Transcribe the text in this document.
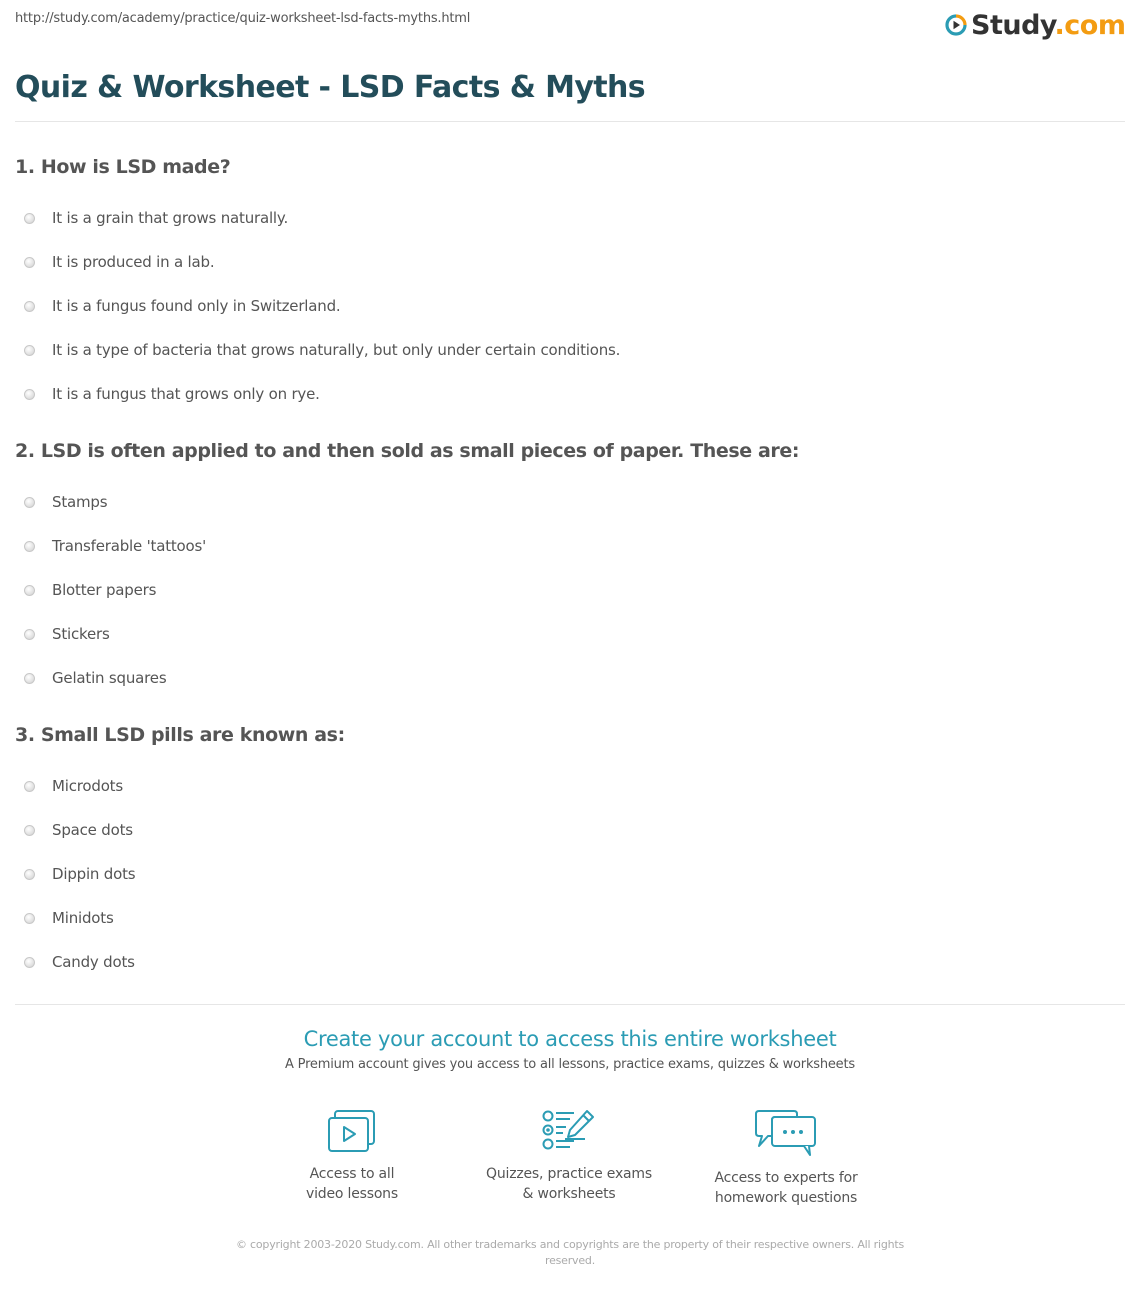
http://study.com/academy/practice/quiz-worksheet-lsd-facts-myths.html	Study.com
Quiz & Worksheet - LSD Facts & Myths
1. How is LSD made?
It is a grain that grows naturally.
It is produced in a lab.
It is a fungus found only in Switzerland.
It is a type of bacteria that grows naturally, but only under certain conditions.
It is a fungus that grows only on rye.
2. LSD is often applied to and then sold as small pieces of paper. These are:
Stamps
Transferable 'tattoos'
Blotter papers
Stickers
Gelatin squares
3. Small LSD pills are known as:
Microdots
Space dots
Dippin dots
Minidots
Candy dots
Create your account to access this entire worksheet
A Premium account gives you access to all lessons, practice exams, quizzes & worksheets
Access to all
video lessons
Quizzes, practice exams
& worksheets
Access to experts for
homework questions
© copyright 2003-2020 Study.com. All other trademarks and copyrights are the property of their respective owners. All rights
reserved.
